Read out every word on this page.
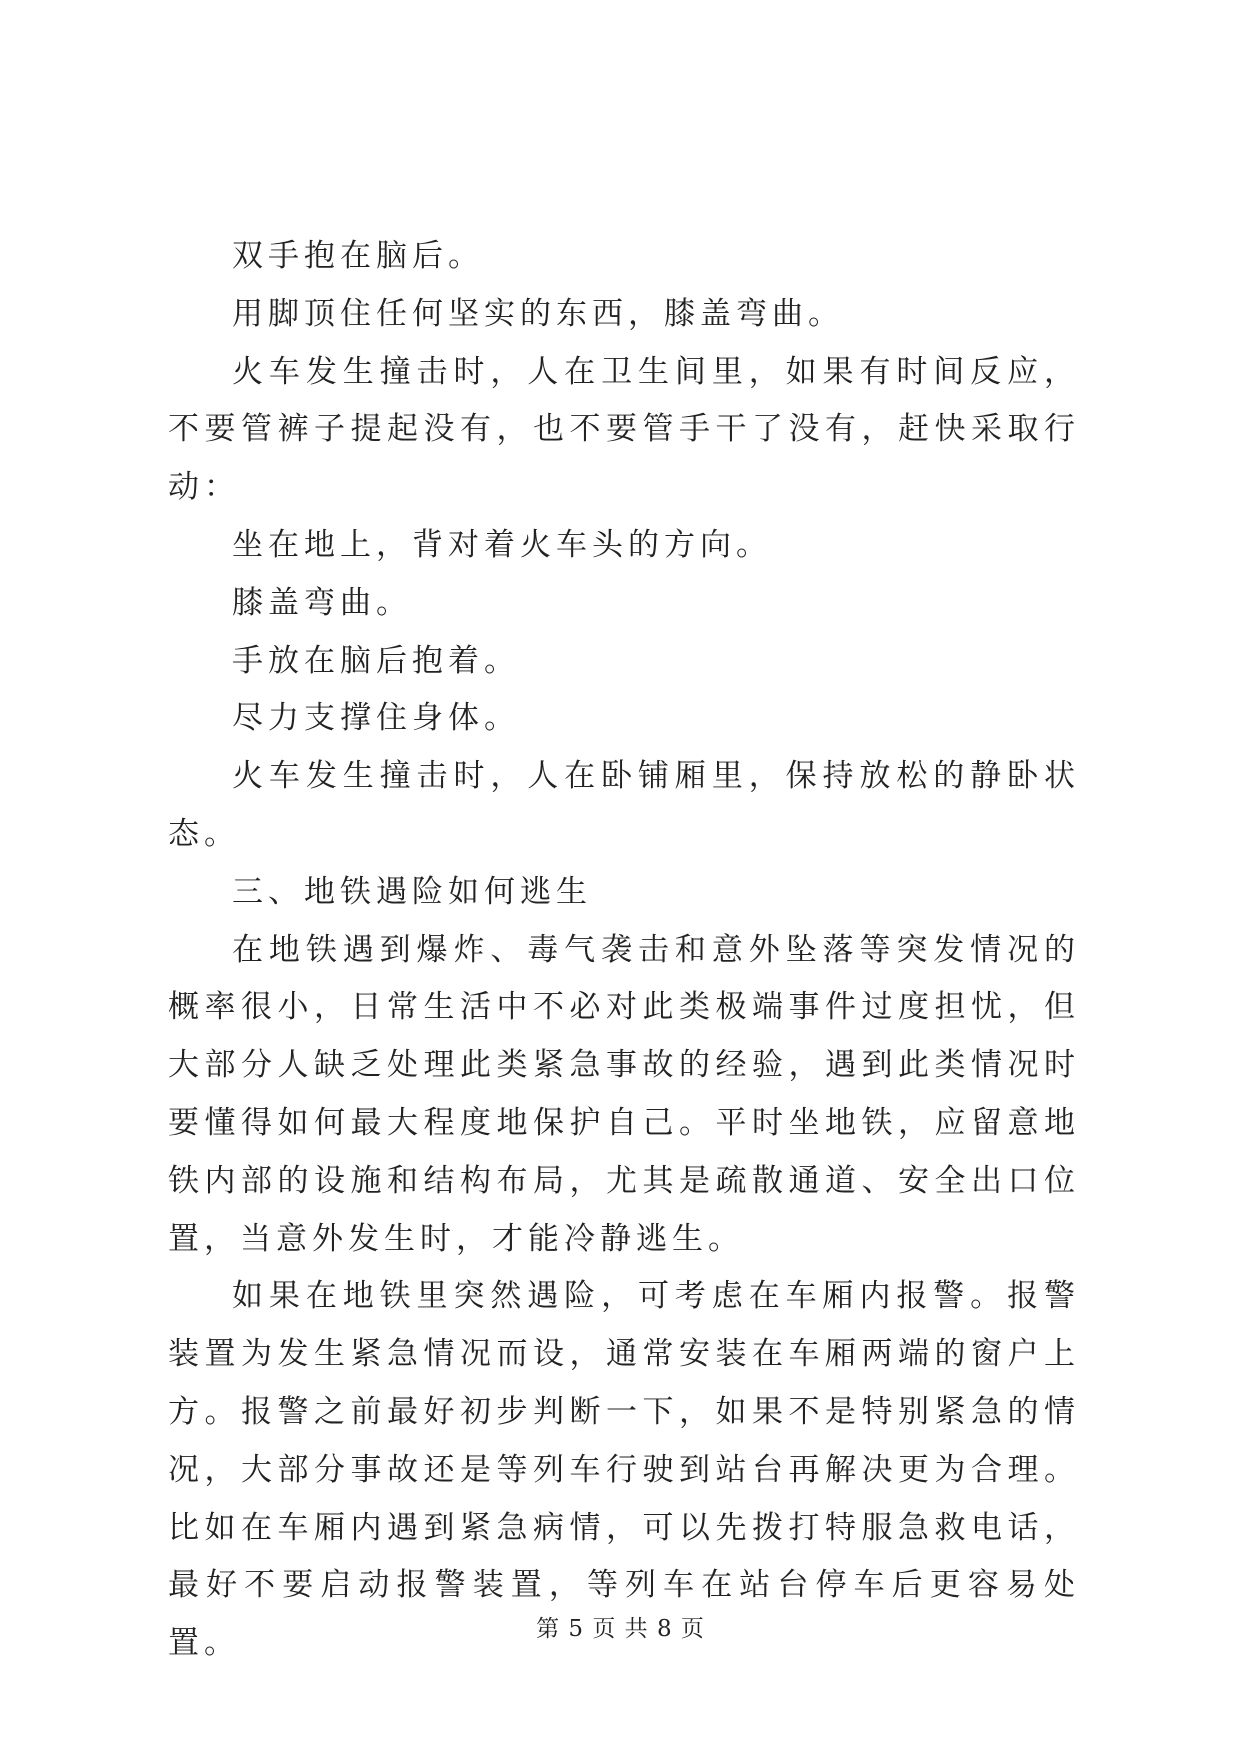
双手抱在脑后。

用脚顶住任何坚实的东西，膝盖弯曲。

火车发生撞击时，人在卫生间里，如果有时间反应，不要管裤子提起没有，也不要管手干了没有，赶快采取行动：

坐在地上，背对着火车头的方向。

膝盖弯曲。

手放在脑后抱着。

尽力支撑住身体。

火车发生撞击时，人在卧铺厢里，保持放松的静卧状态。

三、地铁遇险如何逃生

在地铁遇到爆炸、毒气袭击和意外坠落等突发情况的概率很小，日常生活中不必对此类极端事件过度担忧，但大部分人缺乏处理此类紧急事故的经验，遇到此类情况时要懂得如何最大程度地保护自己。平时坐地铁，应留意地铁内部的设施和结构布局，尤其是疏散通道、安全出口位置，当意外发生时，才能冷静逃生。

如果在地铁里突然遇险，可考虑在车厢内报警。报警装置为发生紧急情况而设，通常安装在车厢两端的窗户上方。报警之前最好初步判断一下，如果不是特别紧急的情况，大部分事故还是等列车行驶到站台再解决更为合理。比如在车厢内遇到紧急病情，可以先拨打特服急救电话，最好不要启动报警装置，等列车在站台停车后更容易处置。	第 5 页 共 8 页
